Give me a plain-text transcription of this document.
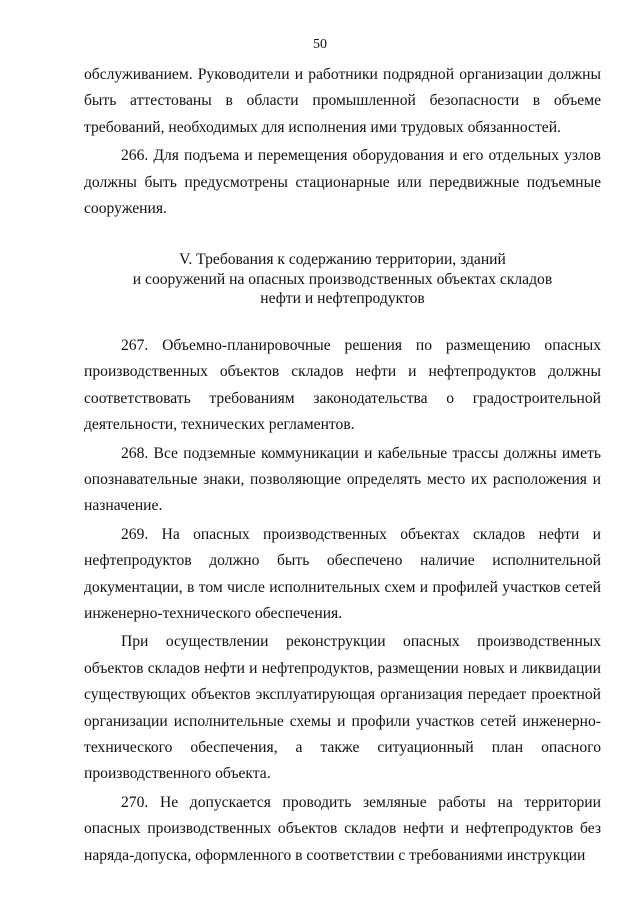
50

обслуживанием. Руководители и работники подрядной организации должны быть аттестованы в области промышленной безопасности в объеме требований, необходимых для исполнения ими трудовых обязанностей.

266. Для подъема и перемещения оборудования и его отдельных узлов должны быть предусмотрены стационарные или передвижные подъемные сооружения.

V. Требования к содержанию территории, зданий
и сооружений на опасных производственных объектах складов
нефти и нефтепродуктов

267. Объемно-планировочные решения по размещению опасных производственных объектов складов нефти и нефтепродуктов должны соответствовать требованиям законодательства о градостроительной деятельности, технических регламентов.

268. Все подземные коммуникации и кабельные трассы должны иметь опознавательные знаки, позволяющие определять место их расположения и назначение.

269. На опасных производственных объектах складов нефти и нефтепродуктов должно быть обеспечено наличие исполнительной документации, в том числе исполнительных схем и профилей участков сетей инженерно-технического обеспечения.

При осуществлении реконструкции опасных производственных объектов складов нефти и нефтепродуктов, размещении новых и ликвидации существующих объектов эксплуатирующая организация передает проектной организации исполнительные схемы и профили участков сетей инженерно-технического обеспечения, а также ситуационный план опасного производственного объекта.

270. Не допускается проводить земляные работы на территории опасных производственных объектов складов нефти и нефтепродуктов без наряда-допуска, оформленного в соответствии с требованиями инструкции
